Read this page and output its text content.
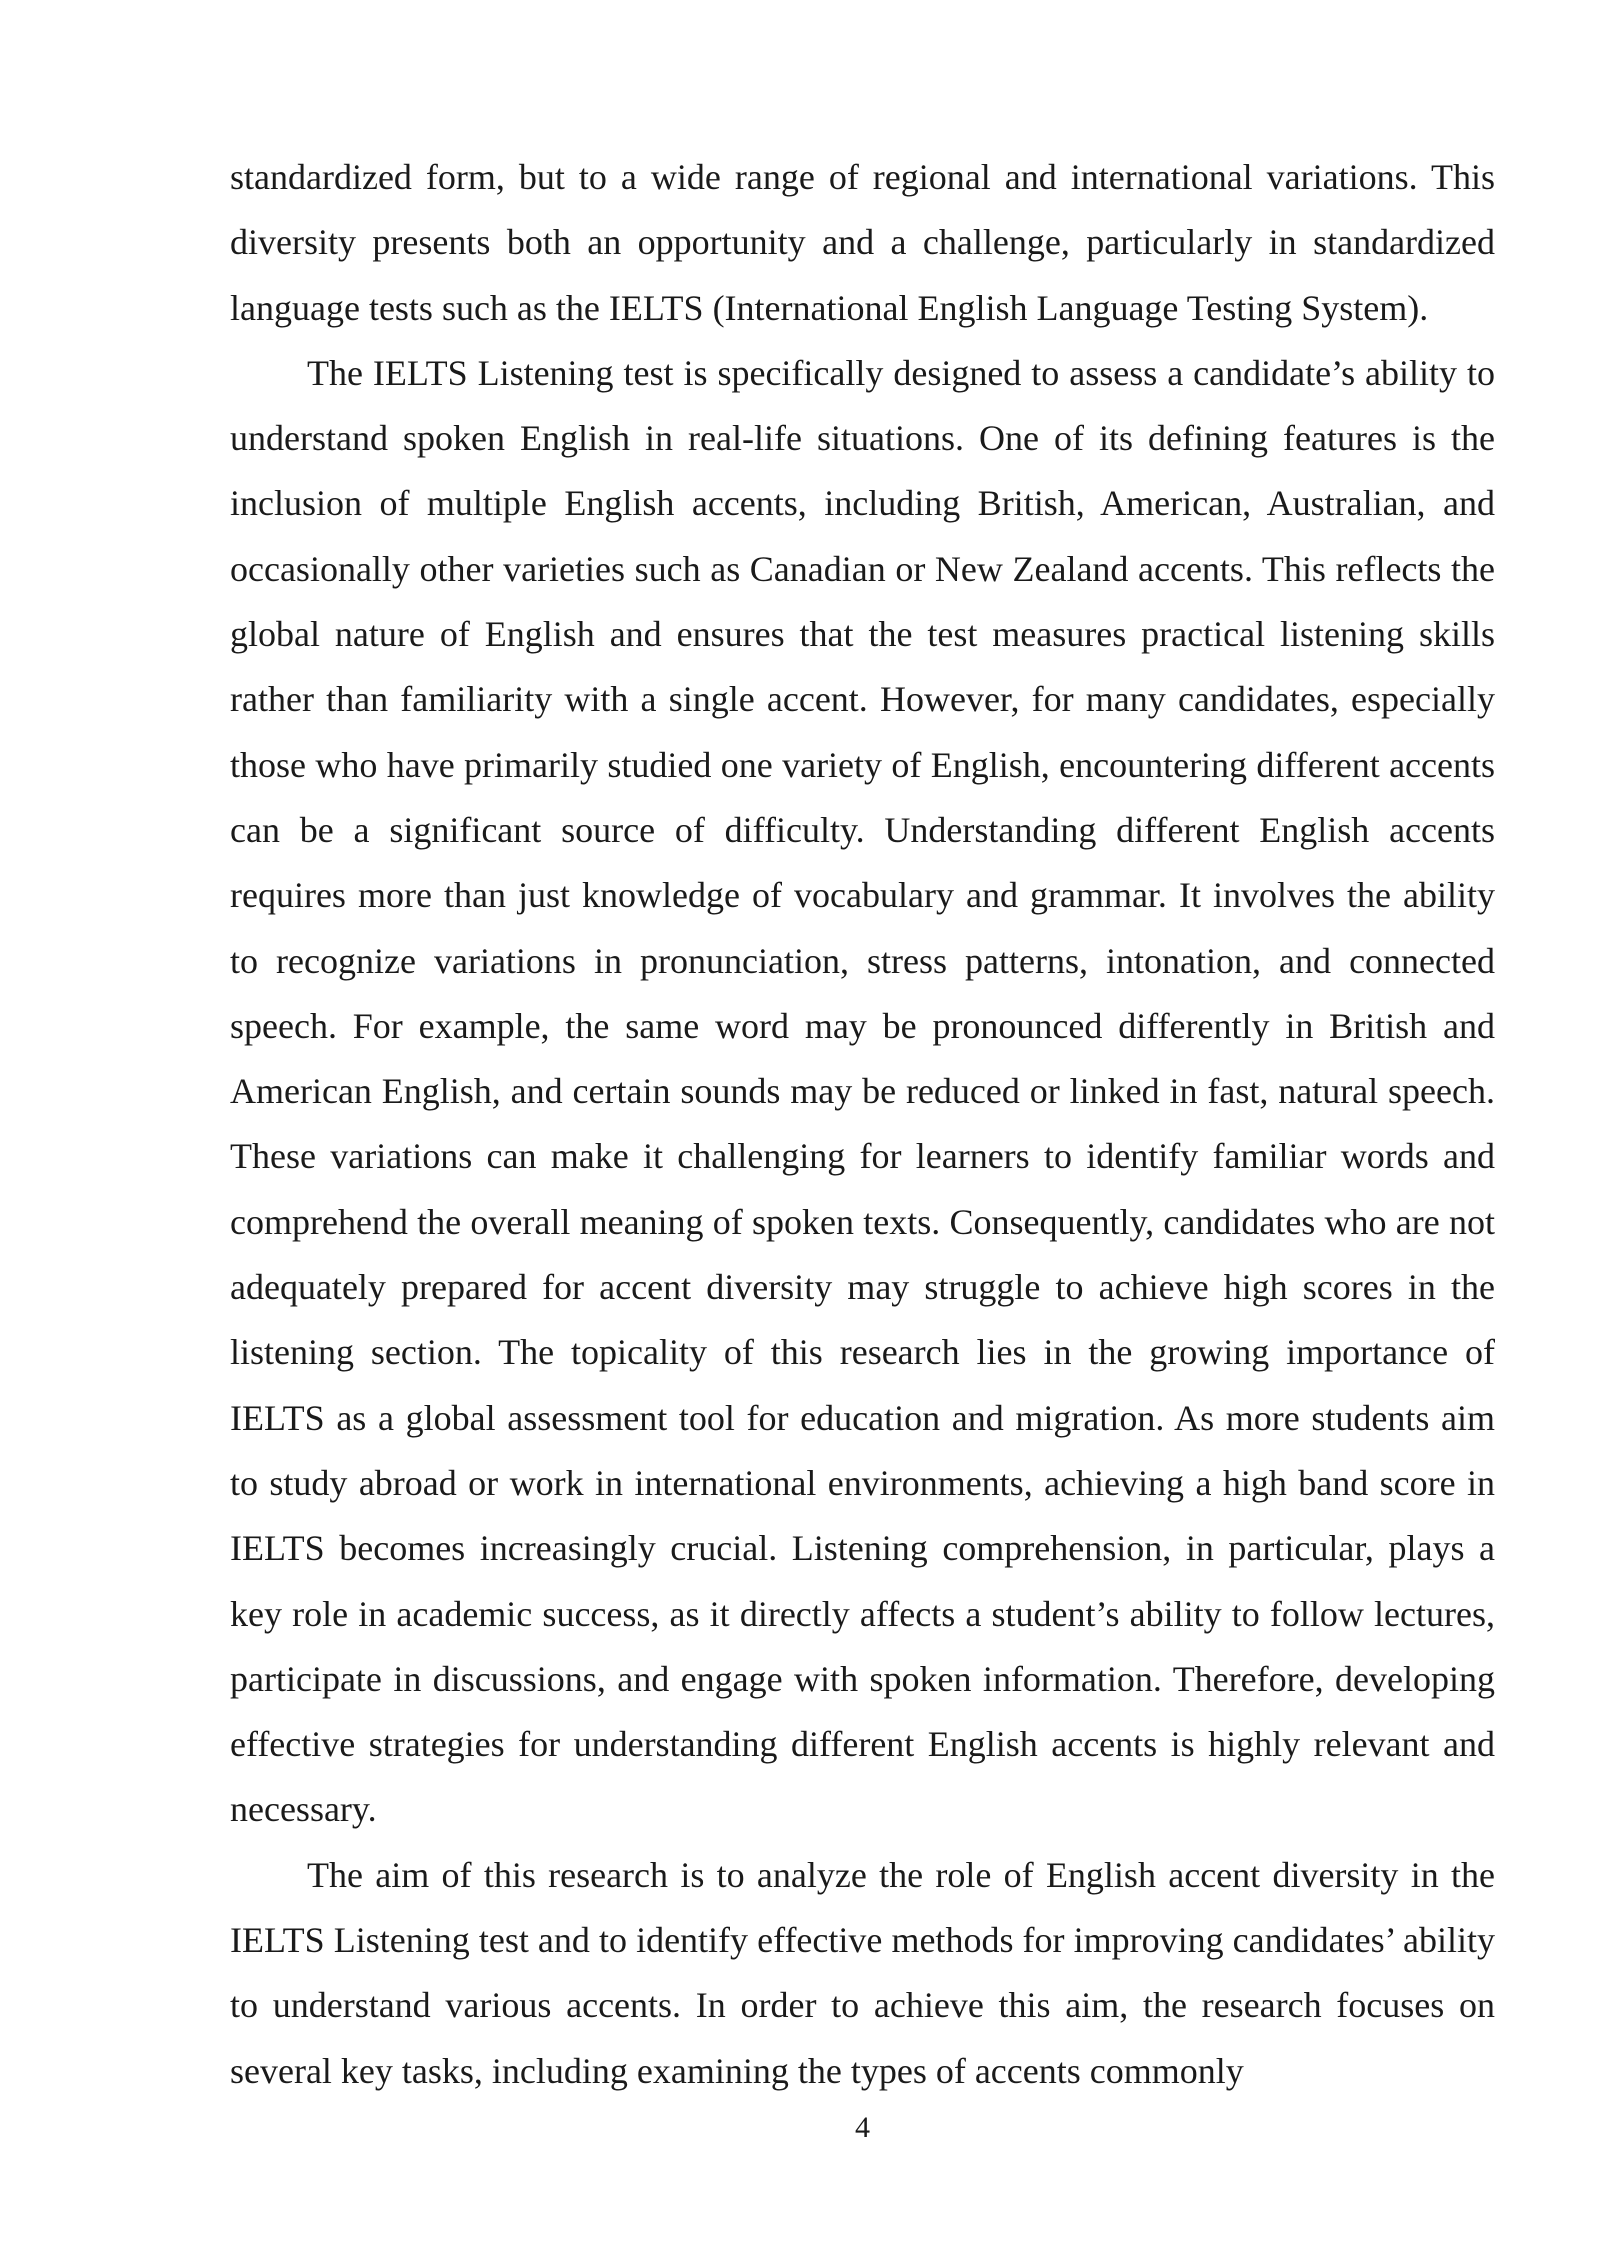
standardized form, but to a wide range of regional and international variations. This diversity presents both an opportunity and a challenge, particularly in standardized language tests such as the IELTS (International English Language Testing System).

The IELTS Listening test is specifically designed to assess a candidate’s ability to understand spoken English in real-life situations. One of its defining features is the inclusion of multiple English accents, including British, American, Australian, and occasionally other varieties such as Canadian or New Zealand accents. This reflects the global nature of English and ensures that the test measures practical listening skills rather than familiarity with a single accent. However, for many candidates, especially those who have primarily studied one variety of English, encountering different accents can be a significant source of difficulty. Understanding different English accents requires more than just knowledge of vocabulary and grammar. It involves the ability to recognize variations in pronunciation, stress patterns, intonation, and connected speech. For example, the same word may be pronounced differently in British and American English, and certain sounds may be reduced or linked in fast, natural speech. These variations can make it challenging for learners to identify familiar words and comprehend the overall meaning of spoken texts. Consequently, candidates who are not adequately prepared for accent diversity may struggle to achieve high scores in the listening section. The topicality of this research lies in the growing importance of IELTS as a global assessment tool for education and migration. As more students aim to study abroad or work in international environments, achieving a high band score in IELTS becomes increasingly crucial. Listening comprehension, in particular, plays a key role in academic success, as it directly affects a student’s ability to follow lectures, participate in discussions, and engage with spoken information. Therefore, developing effective strategies for understanding different English accents is highly relevant and necessary.

The aim of this research is to analyze the role of English accent diversity in the IELTS Listening test and to identify effective methods for improving candidates’ ability to understand various accents. In order to achieve this aim, the research focuses on several key tasks, including examining the types of accents commonly

4
